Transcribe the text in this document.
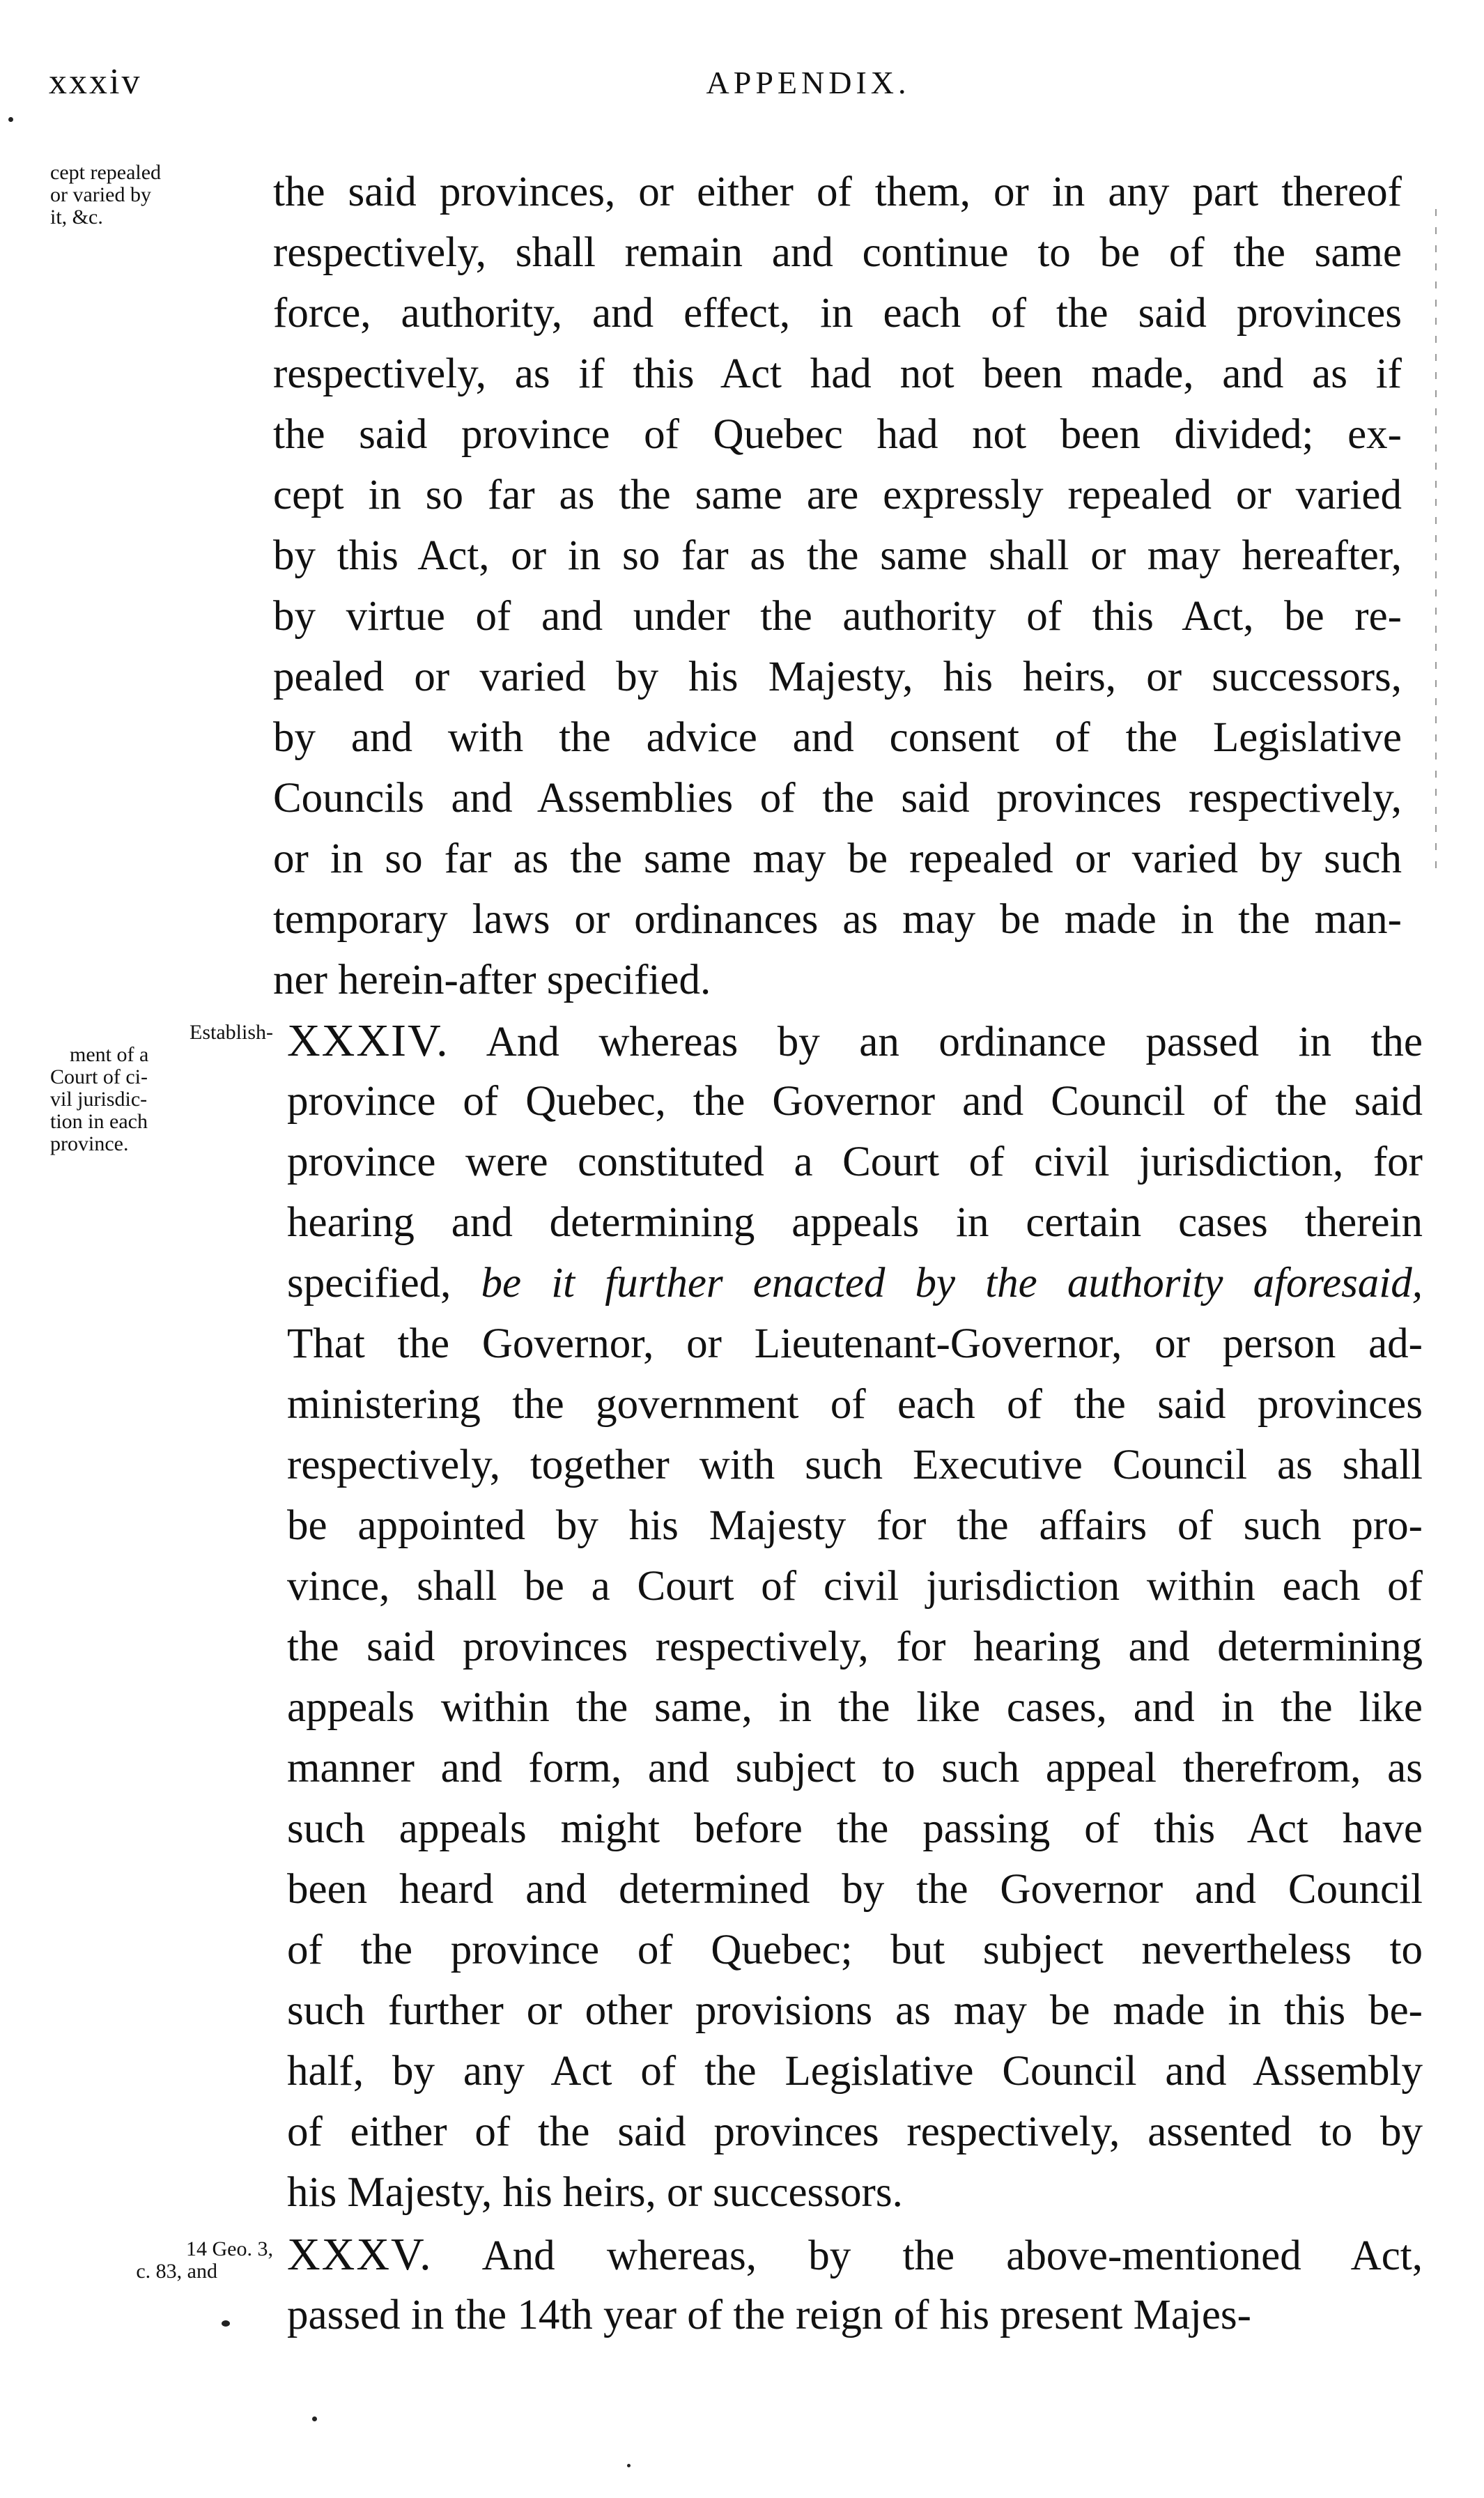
xxxiv	APPENDIX.
cept repealed
or varied by
it, &c.
the said provinces, or either of them, or in any part thereof
respectively, shall remain and continue to be of the same
force, authority, and effect, in each of the said provinces
respectively, as if this Act had not been made, and as if
the said province of Quebec had not been divided; ex-
cept in so far as the same are expressly repealed or varied
by this Act, or in so far as the same shall or may hereafter,
by virtue of and under the authority of this Act, be re-
pealed or varied by his Majesty, his heirs, or successors,
by and with the advice and consent of the Legislative
Councils and Assemblies of the said provinces respectively,
or in so far as the same may be repealed or varied by such
temporary laws or ordinances as may be made in the man-
ner herein-after specified.
Establish-
ment of a
Court of ci-
vil jurisdic-
tion in each
province.
XXXIV. And whereas by an ordinance passed in the
province of Quebec, the Governor and Council of the said
province were constituted a Court of civil jurisdiction, for
hearing and determining appeals in certain cases therein
specified, be it further enacted by the authority aforesaid,
That the Governor, or Lieutenant-Governor, or person ad-
ministering the government of each of the said provinces
respectively, together with such Executive Council as shall
be appointed by his Majesty for the affairs of such pro-
vince, shall be a Court of civil jurisdiction within each of
the said provinces respectively, for hearing and determining
appeals within the same, in the like cases, and in the like
manner and form, and subject to such appeal therefrom, as
such appeals might before the passing of this Act have
been heard and determined by the Governor and Council
of the province of Quebec; but subject nevertheless to
such further or other provisions as may be made in this be-
half, by any Act of the Legislative Council and Assembly
of either of the said provinces respectively, assented to by
his Majesty, his heirs, or successors.
14 Geo. 3,
c. 83, and XXXV. And whereas, by the above-mentioned Act,
passed in the 14th year of the reign of his present Majes-
